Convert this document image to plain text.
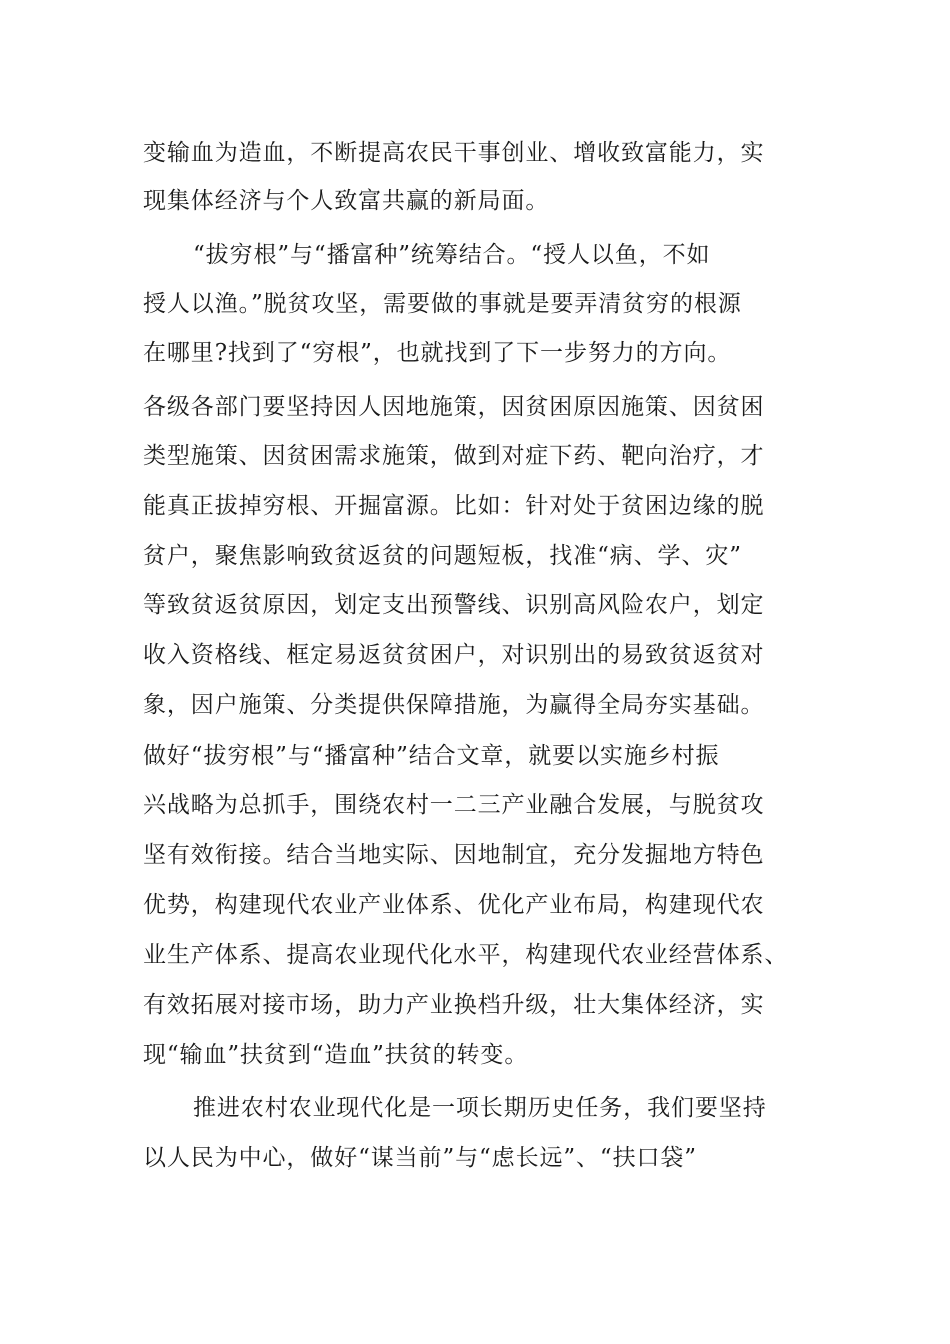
变输血为造血，不断提高农民干事创业、增收致富能力，实
现集体经济与个人致富共赢的新局面。
“拔穷根”与“播富种”统筹结合。“授人以鱼，不如
授人以渔。”脱贫攻坚，需要做的事就是要弄清贫穷的根源
在哪里?找到了“穷根”，也就找到了下一步努力的方向。
各级各部门要坚持因人因地施策，因贫困原因施策、因贫困
类型施策、因贫困需求施策，做到对症下药、靶向治疗，才
能真正拔掉穷根、开掘富源。比如：针对处于贫困边缘的脱
贫户，聚焦影响致贫返贫的问题短板，找准“病、学、灾”
等致贫返贫原因，划定支出预警线、识别高风险农户，划定
收入资格线、框定易返贫贫困户，对识别出的易致贫返贫对
象，因户施策、分类提供保障措施，为赢得全局夯实基础。
做好“拔穷根”与“播富种”结合文章，就要以实施乡村振
兴战略为总抓手，围绕农村一二三产业融合发展，与脱贫攻
坚有效衔接。结合当地实际、因地制宜，充分发掘地方特色
优势，构建现代农业产业体系、优化产业布局，构建现代农
业生产体系、提高农业现代化水平，构建现代农业经营体系、
有效拓展对接市场，助力产业换档升级，壮大集体经济，实
现“输血”扶贫到“造血”扶贫的转变。
推进农村农业现代化是一项长期历史任务，我们要坚持
以人民为中心，做好“谋当前”与“虑长远”、“扶口袋”
